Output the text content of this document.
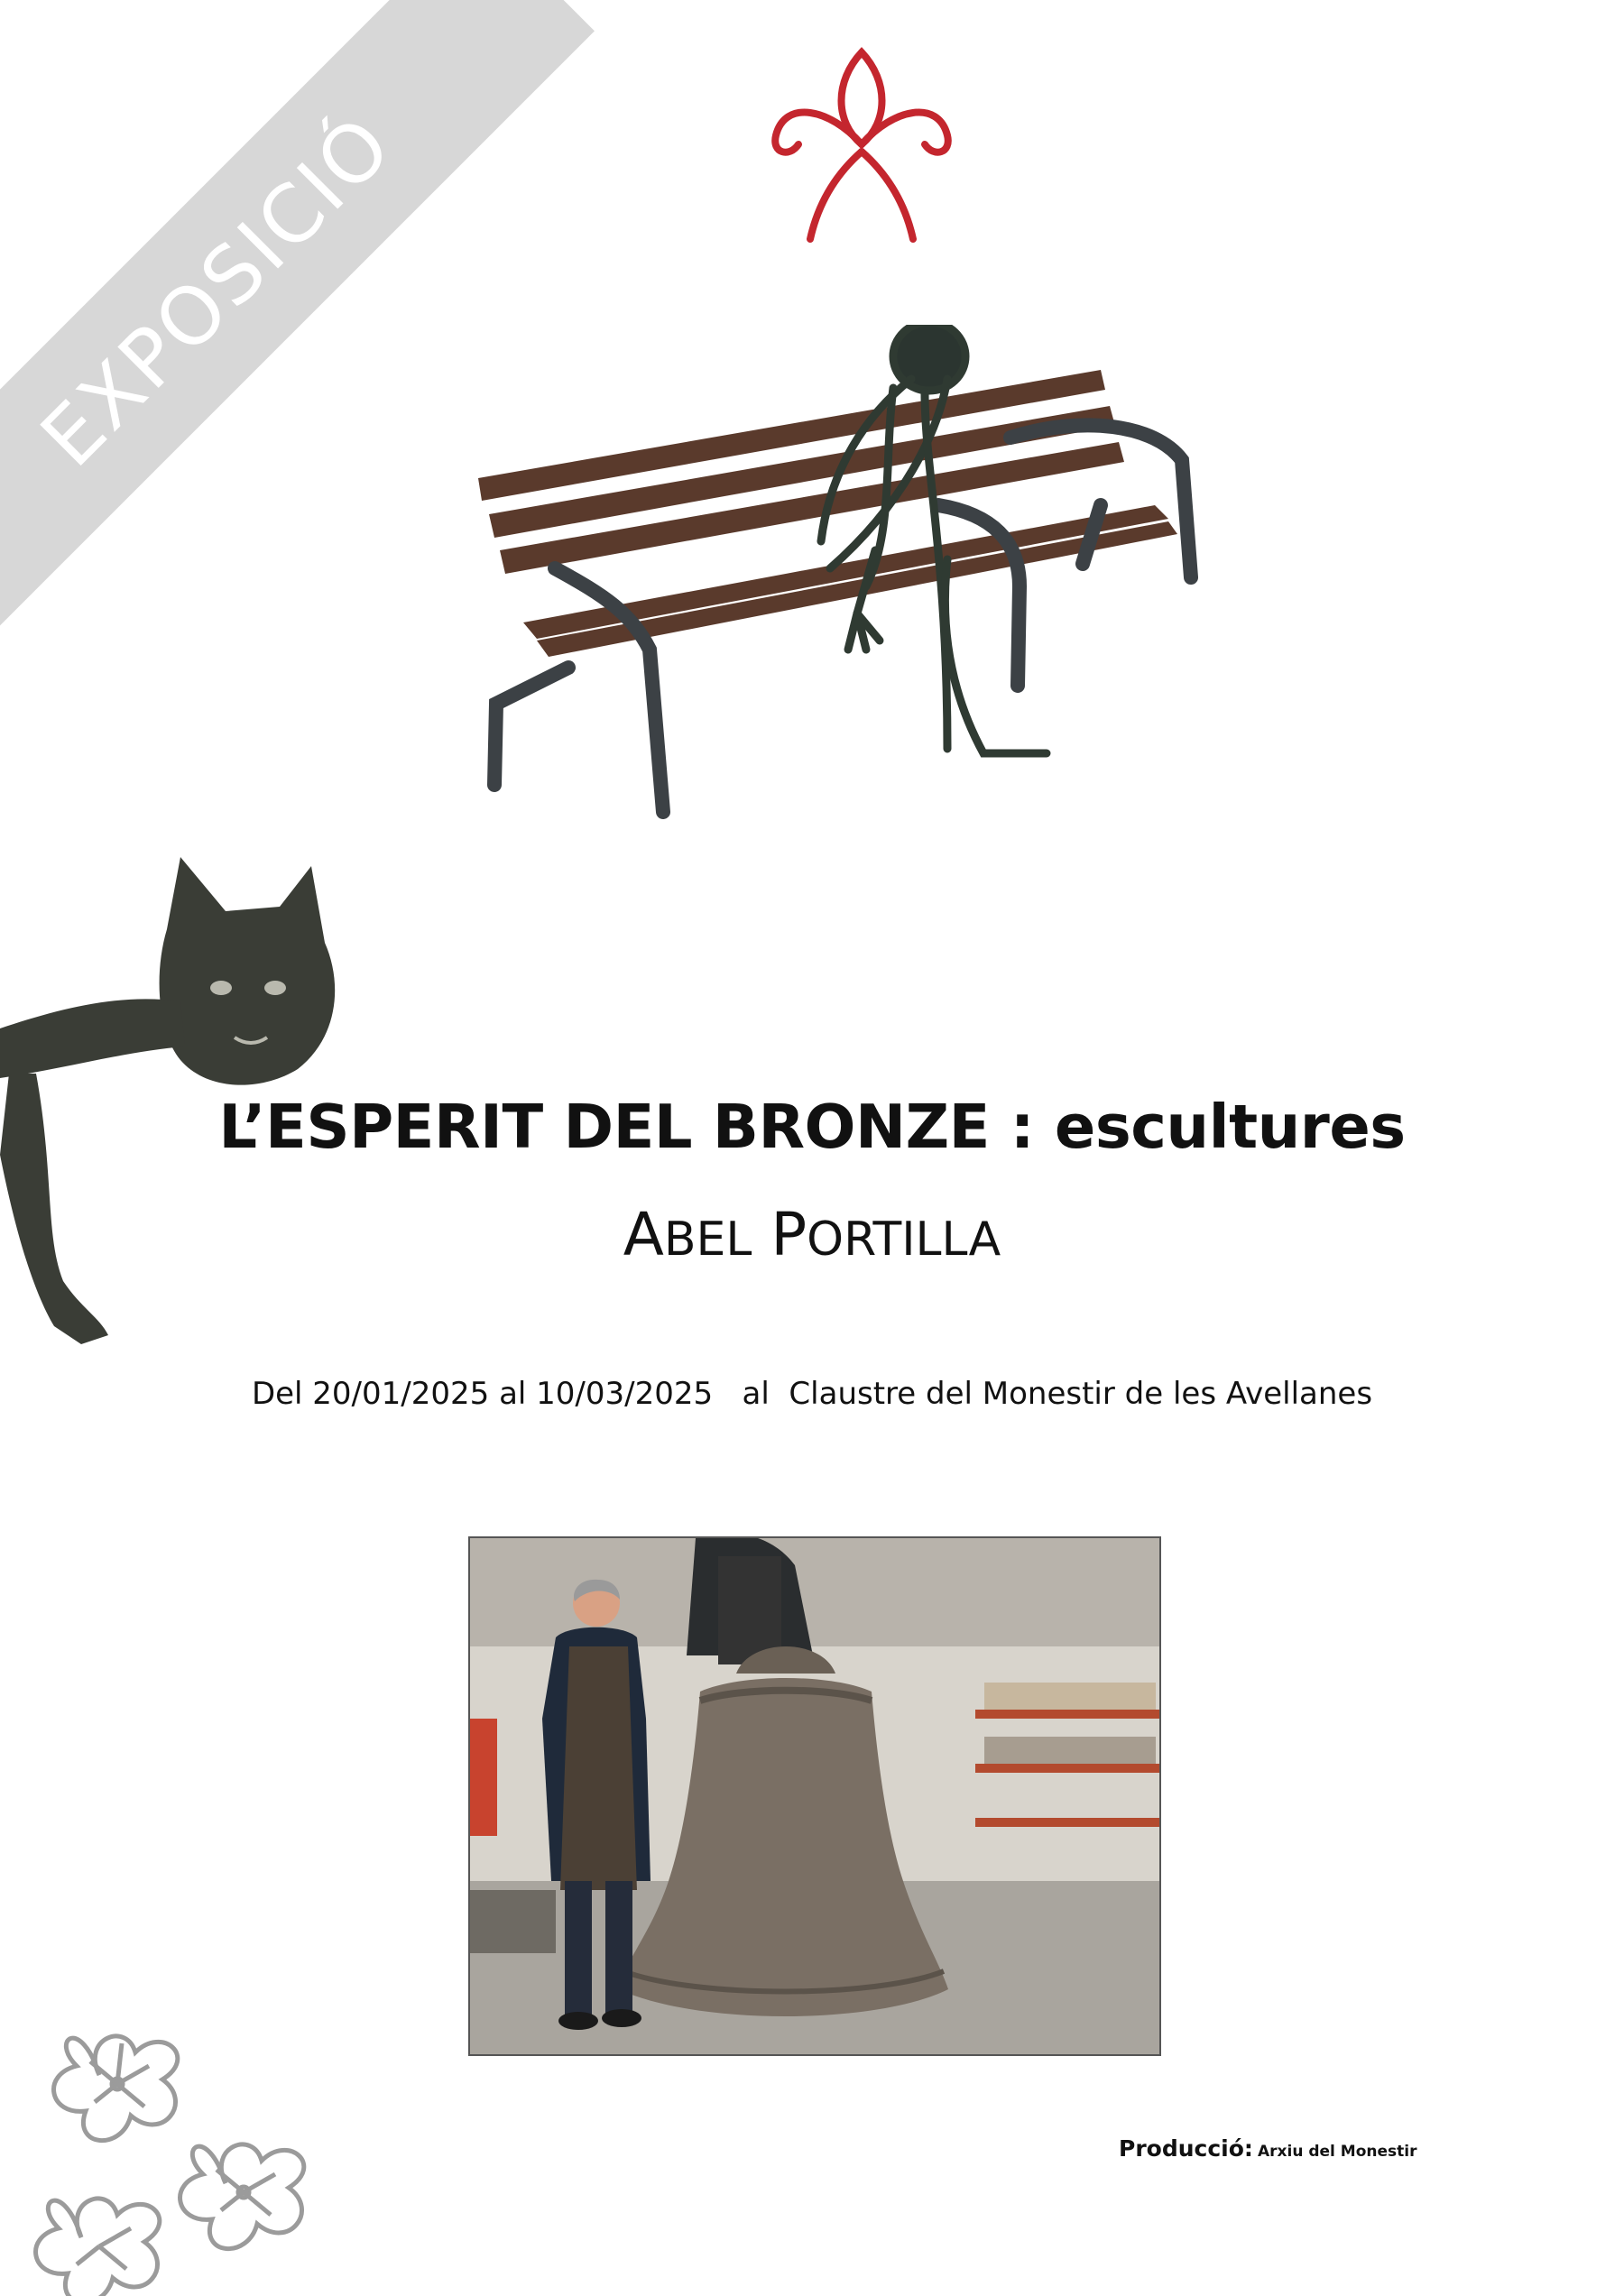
EXPOSICIÓ
L’ESPERIT DEL BRONZE : escultures
ABEL PORTILLA
Del 20/01/2025 al 10/03/2025   al  Claustre del Monestir de les Avellanes
Producció: Arxiu del Monestir
